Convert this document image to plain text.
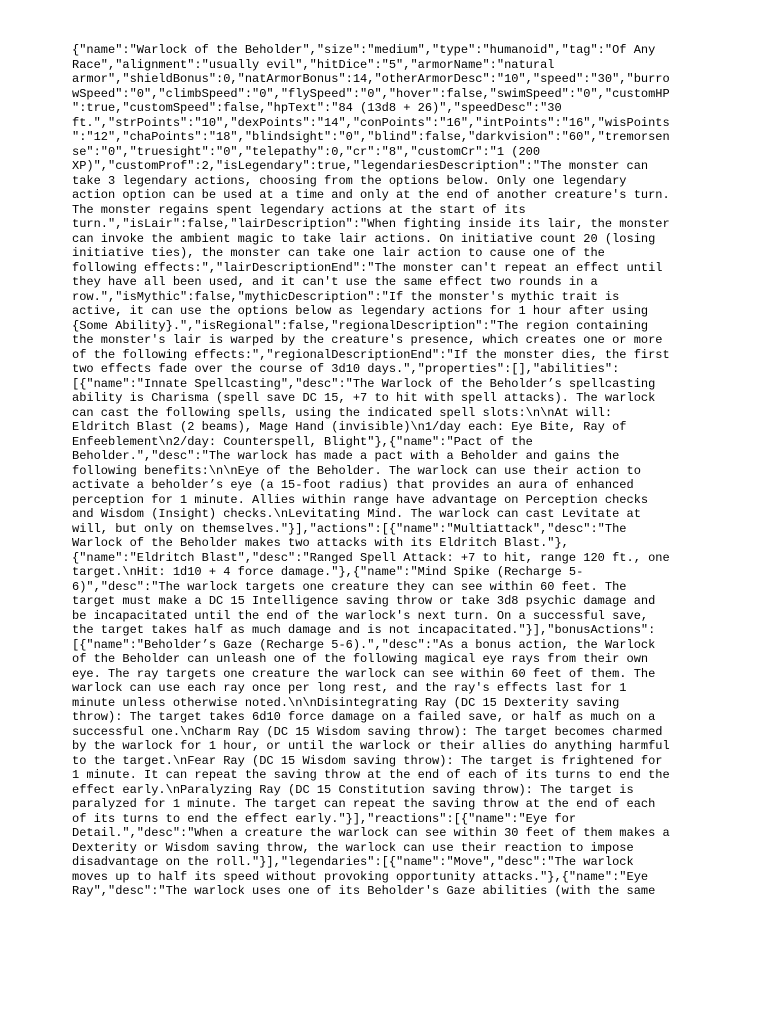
{"name":"Warlock of the Beholder","size":"medium","type":"humanoid","tag":"Of Any
Race","alignment":"usually evil","hitDice":"5","armorName":"natural
armor","shieldBonus":0,"natArmorBonus":14,"otherArmorDesc":"10","speed":"30","burro
wSpeed":"0","climbSpeed":"0","flySpeed":"0","hover":false,"swimSpeed":"0","customHP
":true,"customSpeed":false,"hpText":"84 (13d8 + 26)","speedDesc":"30
ft.","strPoints":"10","dexPoints":"14","conPoints":"16","intPoints":"16","wisPoints
":"12","chaPoints":"18","blindsight":"0","blind":false,"darkvision":"60","tremorsen
se":"0","truesight":"0","telepathy":0,"cr":"8","customCr":"1 (200
XP)","customProf":2,"isLegendary":true,"legendariesDescription":"The monster can
take 3 legendary actions, choosing from the options below. Only one legendary
action option can be used at a time and only at the end of another creature's turn.
The monster regains spent legendary actions at the start of its
turn.","isLair":false,"lairDescription":"When fighting inside its lair, the monster
can invoke the ambient magic to take lair actions. On initiative count 20 (losing
initiative ties), the monster can take one lair action to cause one of the
following effects:","lairDescriptionEnd":"The monster can't repeat an effect until
they have all been used, and it can't use the same effect two rounds in a
row.","isMythic":false,"mythicDescription":"If the monster's mythic trait is
active, it can use the options below as legendary actions for 1 hour after using
{Some Ability}.","isRegional":false,"regionalDescription":"The region containing
the monster's lair is warped by the creature's presence, which creates one or more
of the following effects:","regionalDescriptionEnd":"If the monster dies, the first
two effects fade over the course of 3d10 days.","properties":[],"abilities":
[{"name":"Innate Spellcasting","desc":"The Warlock of the Beholder’s spellcasting
ability is Charisma (spell save DC 15, +7 to hit with spell attacks). The warlock
can cast the following spells, using the indicated spell slots:\n\nAt will:
Eldritch Blast (2 beams), Mage Hand (invisible)\n1/day each: Eye Bite, Ray of
Enfeeblement\n2/day: Counterspell, Blight"},{"name":"Pact of the
Beholder.","desc":"The warlock has made a pact with a Beholder and gains the
following benefits:\n\nEye of the Beholder. The warlock can use their action to
activate a beholder’s eye (a 15-foot radius) that provides an aura of enhanced
perception for 1 minute. Allies within range have advantage on Perception checks
and Wisdom (Insight) checks.\nLevitating Mind. The warlock can cast Levitate at
will, but only on themselves."}],"actions":[{"name":"Multiattack","desc":"The
Warlock of the Beholder makes two attacks with its Eldritch Blast."},
{"name":"Eldritch Blast","desc":"Ranged Spell Attack: +7 to hit, range 120 ft., one
target.\nHit: 1d10 + 4 force damage."},{"name":"Mind Spike (Recharge 5-
6)","desc":"The warlock targets one creature they can see within 60 feet. The
target must make a DC 15 Intelligence saving throw or take 3d8 psychic damage and
be incapacitated until the end of the warlock's next turn. On a successful save,
the target takes half as much damage and is not incapacitated."}],"bonusActions":
[{"name":"Beholder’s Gaze (Recharge 5-6).","desc":"As a bonus action, the Warlock
of the Beholder can unleash one of the following magical eye rays from their own
eye. The ray targets one creature the warlock can see within 60 feet of them. The
warlock can use each ray once per long rest, and the ray's effects last for 1
minute unless otherwise noted.\n\nDisintegrating Ray (DC 15 Dexterity saving
throw): The target takes 6d10 force damage on a failed save, or half as much on a
successful one.\nCharm Ray (DC 15 Wisdom saving throw): The target becomes charmed
by the warlock for 1 hour, or until the warlock or their allies do anything harmful
to the target.\nFear Ray (DC 15 Wisdom saving throw): The target is frightened for
1 minute. It can repeat the saving throw at the end of each of its turns to end the
effect early.\nParalyzing Ray (DC 15 Constitution saving throw): The target is
paralyzed for 1 minute. The target can repeat the saving throw at the end of each
of its turns to end the effect early."}],"reactions":[{"name":"Eye for
Detail.","desc":"When a creature the warlock can see within 30 feet of them makes a
Dexterity or Wisdom saving throw, the warlock can use their reaction to impose
disadvantage on the roll."}],"legendaries":[{"name":"Move","desc":"The warlock
moves up to half its speed without provoking opportunity attacks."},{"name":"Eye
Ray","desc":"The warlock uses one of its Beholder's Gaze abilities (with the same
